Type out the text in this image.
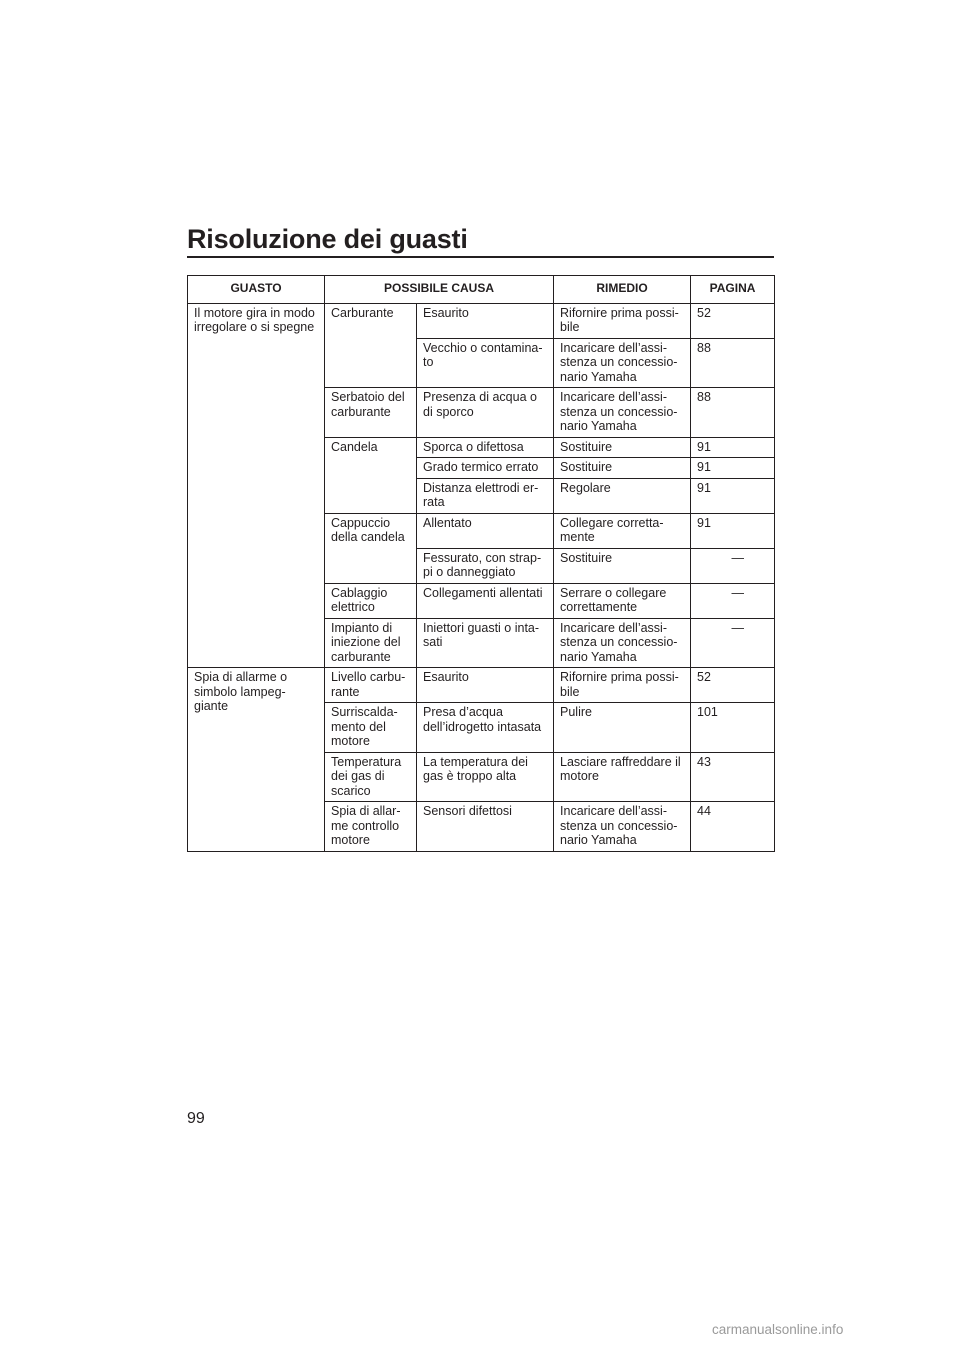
Risoluzione dei guasti
GUASTO	POSSIBILE CAUSA		RIMEDIO	PAGINA
Il motore gira in modo irregolare o si spegne	Carburante	Esaurito	Rifornire prima possi-bile	52
		Vecchio o contamina-to	Incaricare dell’assi-stenza un concessio-nario Yamaha	88
	Serbatoio del carburante	Presenza di acqua o di sporco	Incaricare dell’assi-stenza un concessio-nario Yamaha	88
	Candela	Sporca o difettosa	Sostituire	91
		Grado termico errato	Sostituire	91
		Distanza elettrodi er-rata	Regolare	91
	Cappuccio della candela	Allentato	Collegare corretta-mente	91
		Fessurato, con strap-pi o danneggiato	Sostituire	—
	Cablaggio elettrico	Collegamenti allentati	Serrare o collegare correttamente	—
	Impianto di iniezione del carburante	Iniettori guasti o inta-sati	Incaricare dell’assi-stenza un concessio-nario Yamaha	—
Spia di allarme o simbolo lampeg-giante	Livello carbu-rante	Esaurito	Rifornire prima possi-bile	52
	Surriscalda-mento del motore	Presa d’acqua dell’idrogetto intasata	Pulire	101
	Temperatura dei gas di scarico	La temperatura dei gas è troppo alta	Lasciare raffreddare il motore	43
	Spia di allar-me controllo motore	Sensori difettosi	Incaricare dell’assi-stenza un concessio-nario Yamaha	44
99
carmanualsonline.info
